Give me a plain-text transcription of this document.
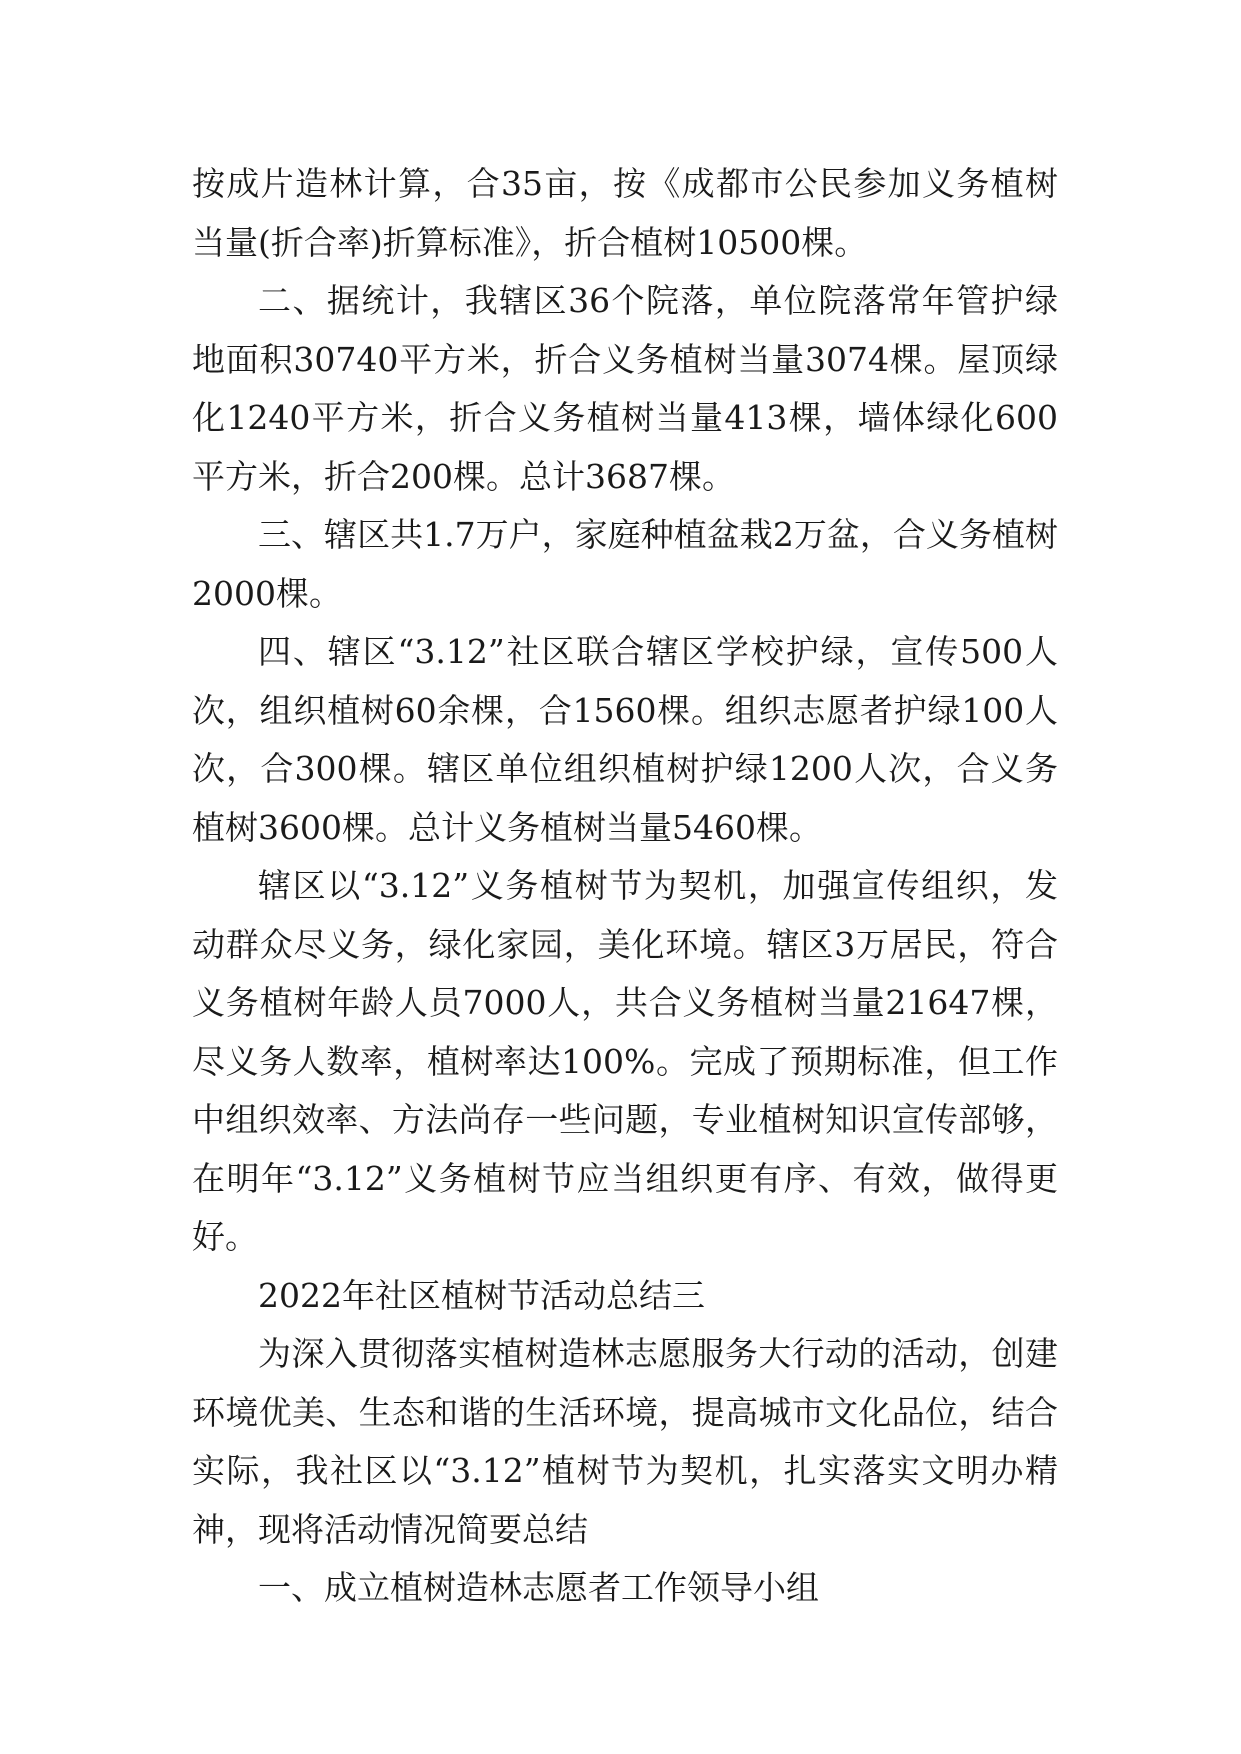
按成片造林计算，合35亩，按《成都市公民参加义务植树当量(折合率)折算标准》，折合植树10500棵。

二、据统计，我辖区36个院落，单位院落常年管护绿地面积30740平方米，折合义务植树当量3074棵。屋顶绿化1240平方米，折合义务植树当量413棵，墙体绿化600平方米，折合200棵。总计3687棵。

三、辖区共1.7万户，家庭种植盆栽2万盆，合义务植树2000棵。

四、辖区“3.12”社区联合辖区学校护绿，宣传500人次，组织植树60余棵，合1560棵。组织志愿者护绿100人次，合300棵。辖区单位组织植树护绿1200人次，合义务植树3600棵。总计义务植树当量5460棵。

辖区以“3.12”义务植树节为契机，加强宣传组织，发动群众尽义务，绿化家园，美化环境。辖区3万居民，符合义务植树年龄人员7000人，共合义务植树当量21647棵，尽义务人数率，植树率达100%。完成了预期标准，但工作中组织效率、方法尚存一些问题，专业植树知识宣传部够，在明年“3.12”义务植树节应当组织更有序、有效，做得更好。

2022年社区植树节活动总结三

为深入贯彻落实植树造林志愿服务大行动的活动，创建环境优美、生态和谐的生活环境，提高城市文化品位，结合实际，我社区以“3.12”植树节为契机，扎实落实文明办精神，现将活动情况简要总结

一、成立植树造林志愿者工作领导小组
